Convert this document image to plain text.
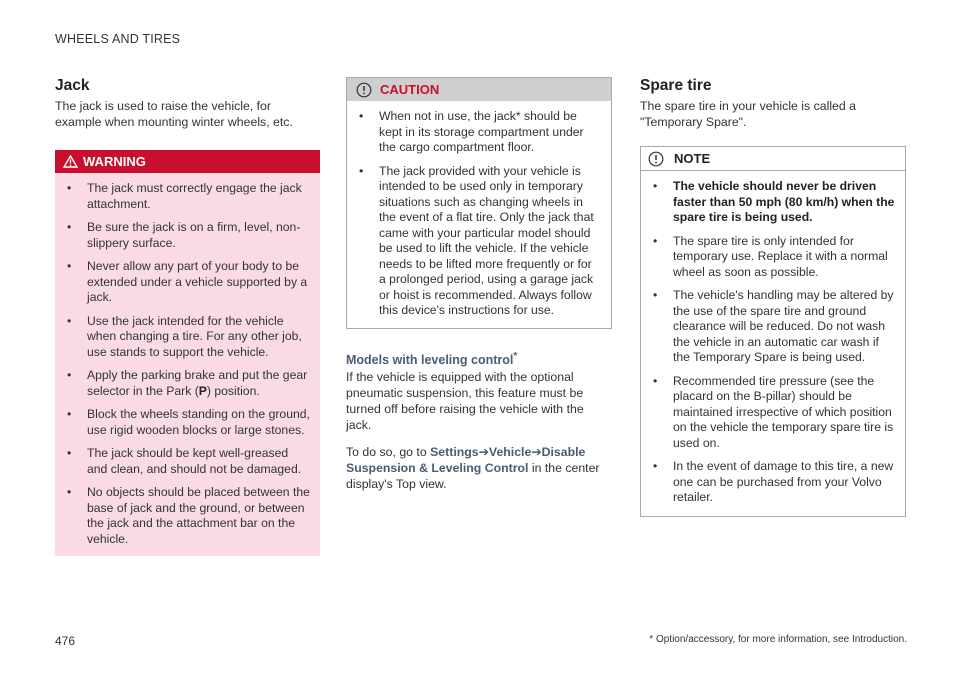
WHEELS AND TIRES
Jack

The jack is used to raise the vehicle, for example when mounting winter wheels, etc.

WARNING
• The jack must correctly engage the jack attachment.
• Be sure the jack is on a firm, level, non-slippery surface.
• Never allow any part of your body to be extended under a vehicle supported by a jack.
• Use the jack intended for the vehicle when changing a tire. For any other job, use stands to support the vehicle.
• Apply the parking brake and put the gear selector in the Park (P) position.
• Block the wheels standing on the ground, use rigid wooden blocks or large stones.
• The jack should be kept well-greased and clean, and should not be damaged.
• No objects should be placed between the base of jack and the ground, or between the jack and the attachment bar on the vehicle.
CAUTION
• When not in use, the jack* should be kept in its storage compartment under the cargo compartment floor.
• The jack provided with your vehicle is intended to be used only in temporary situations such as changing wheels in the event of a flat tire. Only the jack that came with your particular model should be used to lift the vehicle. If the vehicle needs to be lifted more frequently or for a prolonged period, using a garage jack or hoist is recommended. Always follow this device's instructions for use.
Models with leveling control*

If the vehicle is equipped with the optional pneumatic suspension, this feature must be turned off before raising the vehicle with the jack.

To do so, go to Settings➔Vehicle➔Disable Suspension & Leveling Control in the center display's Top view.

Spare tire

The spare tire in your vehicle is called a "Temporary Spare".

NOTE
• The vehicle should never be driven faster than 50 mph (80 km/h) when the spare tire is being used.
• The spare tire is only intended for temporary use. Replace it with a normal wheel as soon as possible.
• The vehicle's handling may be altered by the use of the spare tire and ground clearance will be reduced. Do not wash the vehicle in an automatic car wash if the Temporary Spare is being used.
• Recommended tire pressure (see the placard on the B-pillar) should be maintained irrespective of which position on the vehicle the temporary spare tire is used on.
• In the event of damage to this tire, a new one can be purchased from your Volvo retailer.
476	* Option/accessory, for more information, see Introduction.
